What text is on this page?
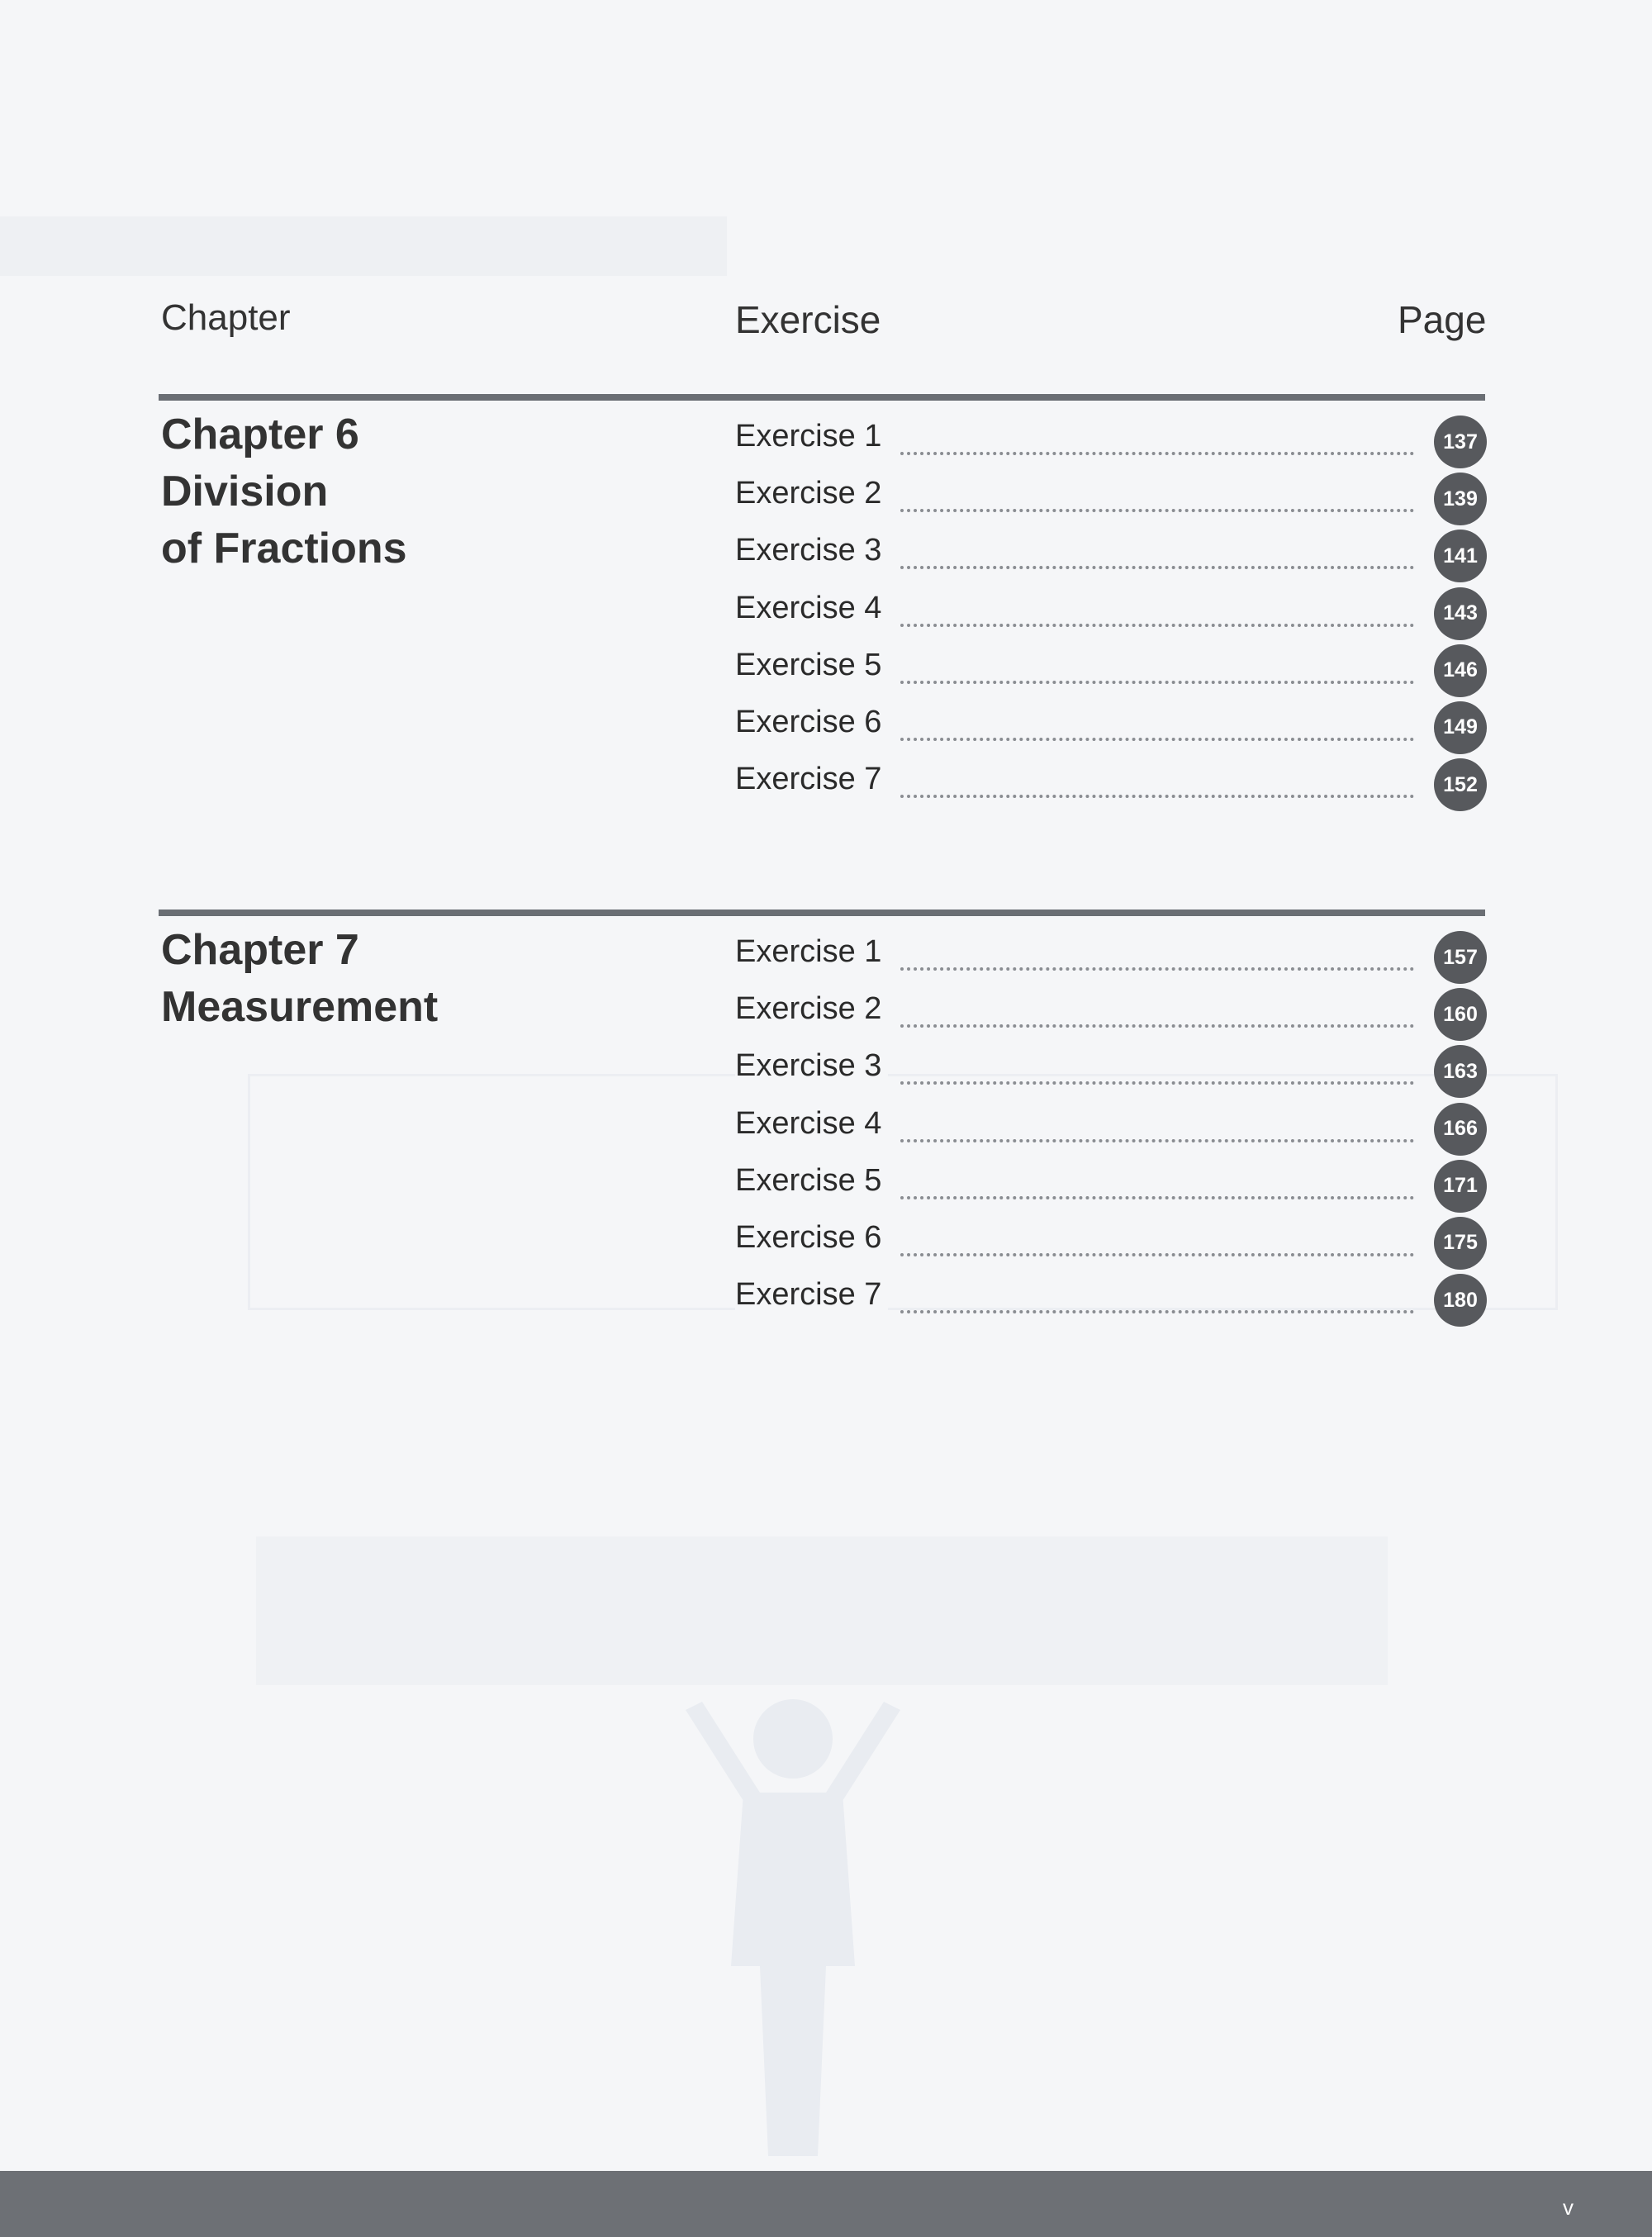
Chapter	Exercise	Page
Chapter 6
Division
of Fractions
Exercise 1	137
Exercise 2	139
Exercise 3	141
Exercise 4	143
Exercise 5	146
Exercise 6	149
Exercise 7	152
Chapter 7
Measurement
Exercise 1	157
Exercise 2	160
Exercise 3	163
Exercise 4	166
Exercise 5	171
Exercise 6	175
Exercise 7	180
v
